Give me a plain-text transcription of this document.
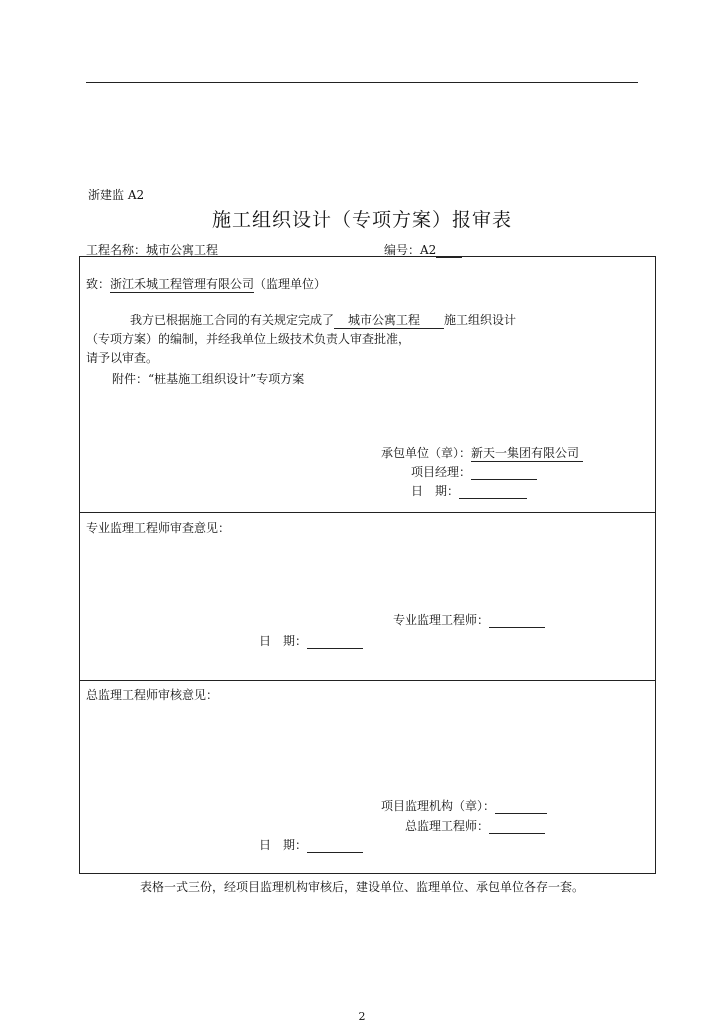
浙建监 A2
施工组织设计（专项方案）报审表
工程名称：城市公寓工程	编号：A2
致：浙江禾城工程管理有限公司（监理单位）
我方已根据施工合同的有关规定完成了 城市公寓工程 施工组织设计
（专项方案）的编制，并经我单位上级技术负责人审查批准，
请予以审查。
附件：“桩基施工组织设计”专项方案
承包单位（章）：新天一集团有限公司
项目经理：
日　期：
专业监理工程师审查意见：
专业监理工程师：
日　期：
总监理工程师审核意见：
项目监理机构（章）：
总监理工程师：
日　期：
表格一式三份，经项目监理机构审核后，建设单位、监理单位、承包单位各存一套。
2
